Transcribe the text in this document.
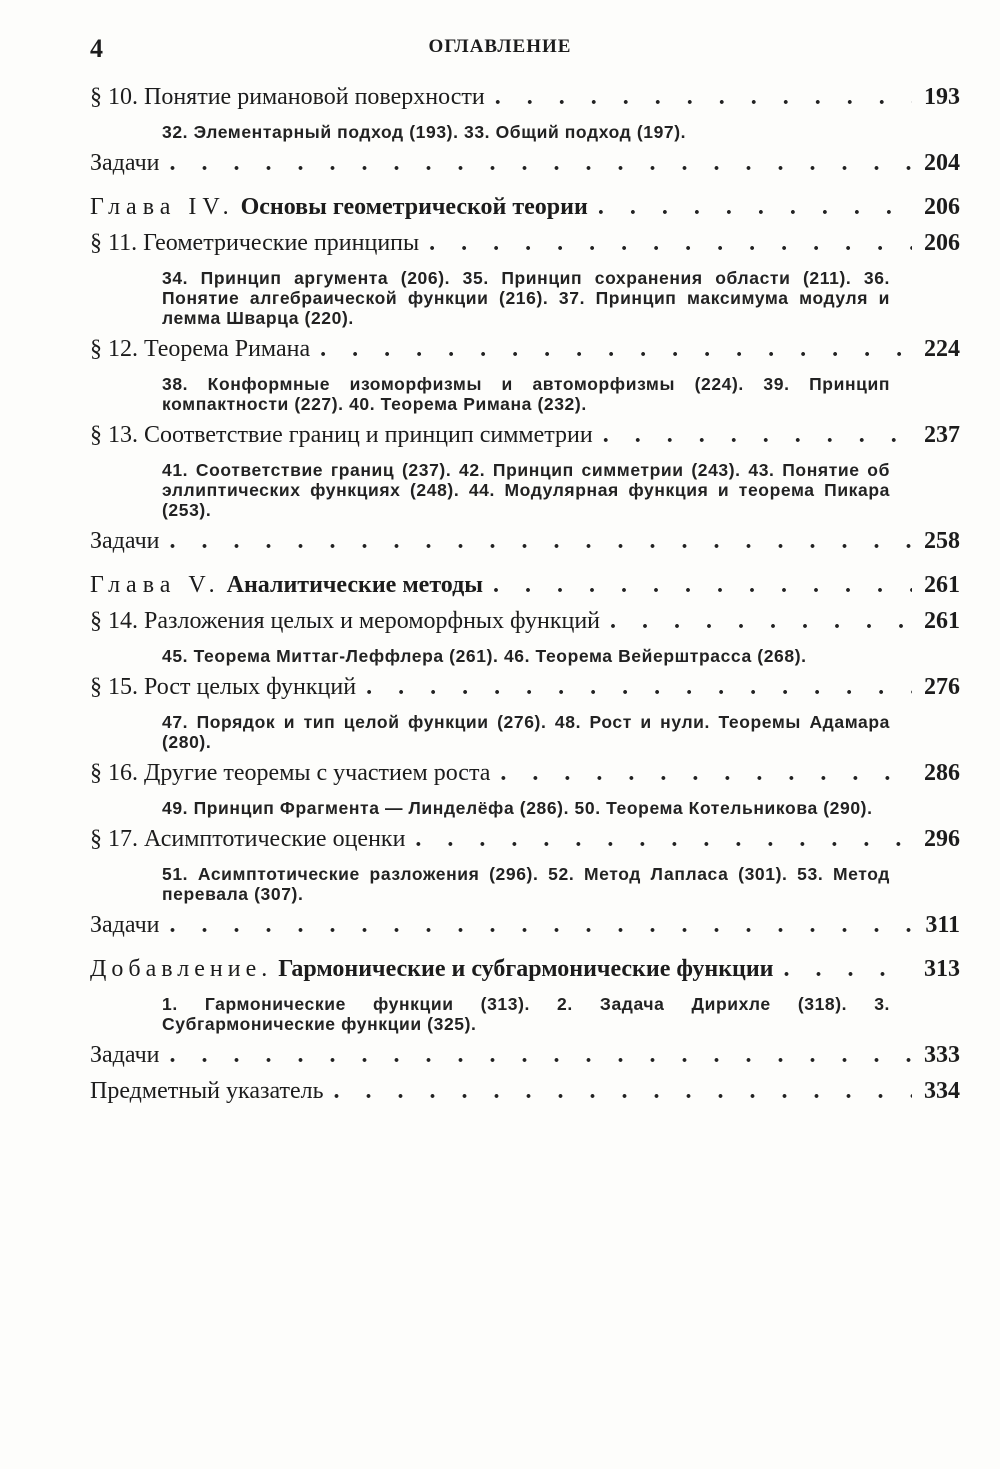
4	ОГЛАВЛЕНИЕ
§ 10. Понятие римановой поверхности . . .	193
32. Элементарный подход (193). 33. Общий подход (197).
Задачи . . .	204
Глава IV. Основы геометрической теории . . .	206
§ 11. Геометрические принципы . . .	206
34. Принцип аргумента (206). 35. Принцип сохранения области (211). 36. Понятие алгебраической функции (216). 37. Принцип максимума модуля и лемма Шварца (220).
§ 12. Теорема Римана . . .	224
38. Конформные изоморфизмы и автоморфизмы (224). 39. Принцип компактности (227). 40. Теорема Римана (232).
§ 13. Соответствие границ и принцип симметрии . . .	237
41. Соответствие границ (237). 42. Принцип симметрии (243). 43. Понятие об эллиптических функциях (248). 44. Модулярная функция и теорема Пикара (253).
Задачи . . .	258
Глава V. Аналитические методы . . .	261
§ 14. Разложения целых и мероморфных функций . . .	261
45. Теорема Миттаг-Леффлера (261). 46. Теорема Вейерштрасса (268).
§ 15. Рост целых функций . . .	276
47. Порядок и тип целой функции (276). 48. Рост и нули. Теоремы Адамара (280).
§ 16. Другие теоремы с участием роста . . .	286
49. Принцип Фрагмента — Линделёфа (286). 50. Теорема Котельникова (290).
§ 17. Асимптотические оценки . . .	296
51. Асимптотические разложения (296). 52. Метод Лапласа (301). 53. Метод перевала (307).
Задачи . . .	311
Добавление. Гармонические и субгармонические функции . . .	313
1. Гармонические функции (313). 2. Задача Дирихле (318). 3. Субгармонические функции (325).
Задачи . . .	333
Предметный указатель . . .	334
